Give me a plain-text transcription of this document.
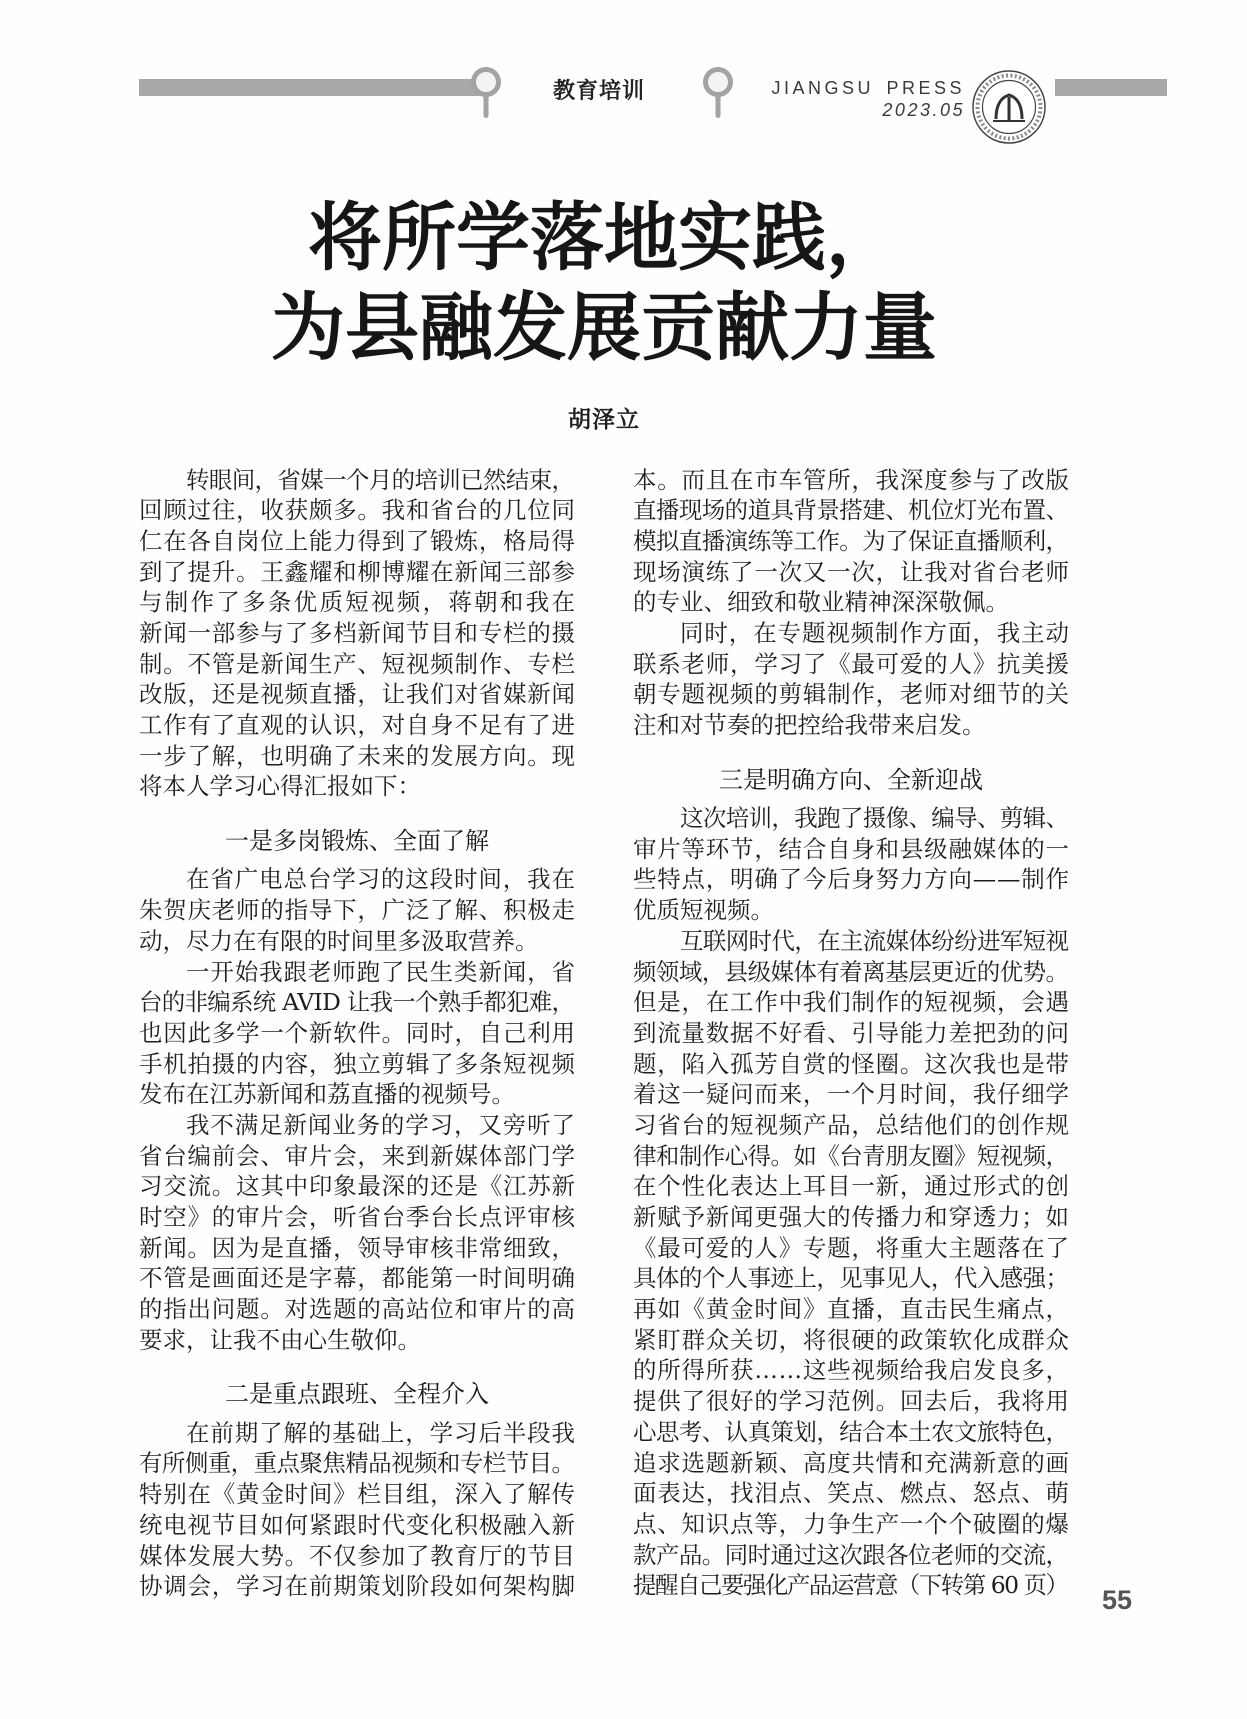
教育培训	JIANGSU PRESS
2023.05
将所学落地实践，
为县融发展贡献力量
胡泽立
转眼间，省媒一个月的培训已然结束，
回顾过往，收获颇多。我和省台的几位同
仁在各自岗位上能力得到了锻炼，格局得
到了提升。王鑫耀和柳博耀在新闻三部参
与制作了多条优质短视频，蒋朝和我在
新闻一部参与了多档新闻节目和专栏的摄
制。不管是新闻生产、短视频制作、专栏
改版，还是视频直播，让我们对省媒新闻
工作有了直观的认识，对自身不足有了进
一步了解，也明确了未来的发展方向。现
将本人学习心得汇报如下：
一是多岗锻炼、全面了解
在省广电总台学习的这段时间，我在
朱贺庆老师的指导下，广泛了解、积极走
动，尽力在有限的时间里多汲取营养。
一开始我跟老师跑了民生类新闻，省
台的非编系统 AVID 让我一个熟手都犯难，
也因此多学一个新软件。同时，自己利用
手机拍摄的内容，独立剪辑了多条短视频
发布在江苏新闻和荔直播的视频号。
我不满足新闻业务的学习，又旁听了
省台编前会、审片会，来到新媒体部门学
习交流。这其中印象最深的还是《江苏新
时空》的审片会，听省台季台长点评审核
新闻。因为是直播，领导审核非常细致，
不管是画面还是字幕，都能第一时间明确
的指出问题。对选题的高站位和审片的高
要求，让我不由心生敬仰。
二是重点跟班、全程介入
在前期了解的基础上，学习后半段我
有所侧重，重点聚焦精品视频和专栏节目。
特别在《黄金时间》栏目组，深入了解传
统电视节目如何紧跟时代变化积极融入新
媒体发展大势。不仅参加了教育厅的节目
协调会，学习在前期策划阶段如何架构脚
本。而且在市车管所，我深度参与了改版
直播现场的道具背景搭建、机位灯光布置、
模拟直播演练等工作。为了保证直播顺利，
现场演练了一次又一次，让我对省台老师
的专业、细致和敬业精神深深敬佩。
同时，在专题视频制作方面，我主动
联系老师，学习了《最可爱的人》抗美援
朝专题视频的剪辑制作，老师对细节的关
注和对节奏的把控给我带来启发。
三是明确方向、全新迎战
这次培训，我跑了摄像、编导、剪辑、
审片等环节，结合自身和县级融媒体的一
些特点，明确了今后身努力方向——制作
优质短视频。
互联网时代，在主流媒体纷纷进军短视
频领域，县级媒体有着离基层更近的优势。
但是，在工作中我们制作的短视频，会遇
到流量数据不好看、引导能力差把劲的问
题，陷入孤芳自赏的怪圈。这次我也是带
着这一疑问而来，一个月时间，我仔细学
习省台的短视频产品，总结他们的创作规
律和制作心得。如《台青朋友圈》短视频，
在个性化表达上耳目一新，通过形式的创
新赋予新闻更强大的传播力和穿透力；如
《最可爱的人》专题，将重大主题落在了
具体的个人事迹上，见事见人，代入感强；
再如《黄金时间》直播，直击民生痛点，
紧盯群众关切，将很硬的政策软化成群众
的所得所获……这些视频给我启发良多，
提供了很好的学习范例。回去后，我将用
心思考、认真策划，结合本土农文旅特色，
追求选题新颖、高度共情和充满新意的画
面表达，找泪点、笑点、燃点、怒点、萌
点、知识点等，力争生产一个个破圈的爆
款产品。同时通过这次跟各位老师的交流，
提醒自己要强化产品运营意（下转第 60 页） 55
